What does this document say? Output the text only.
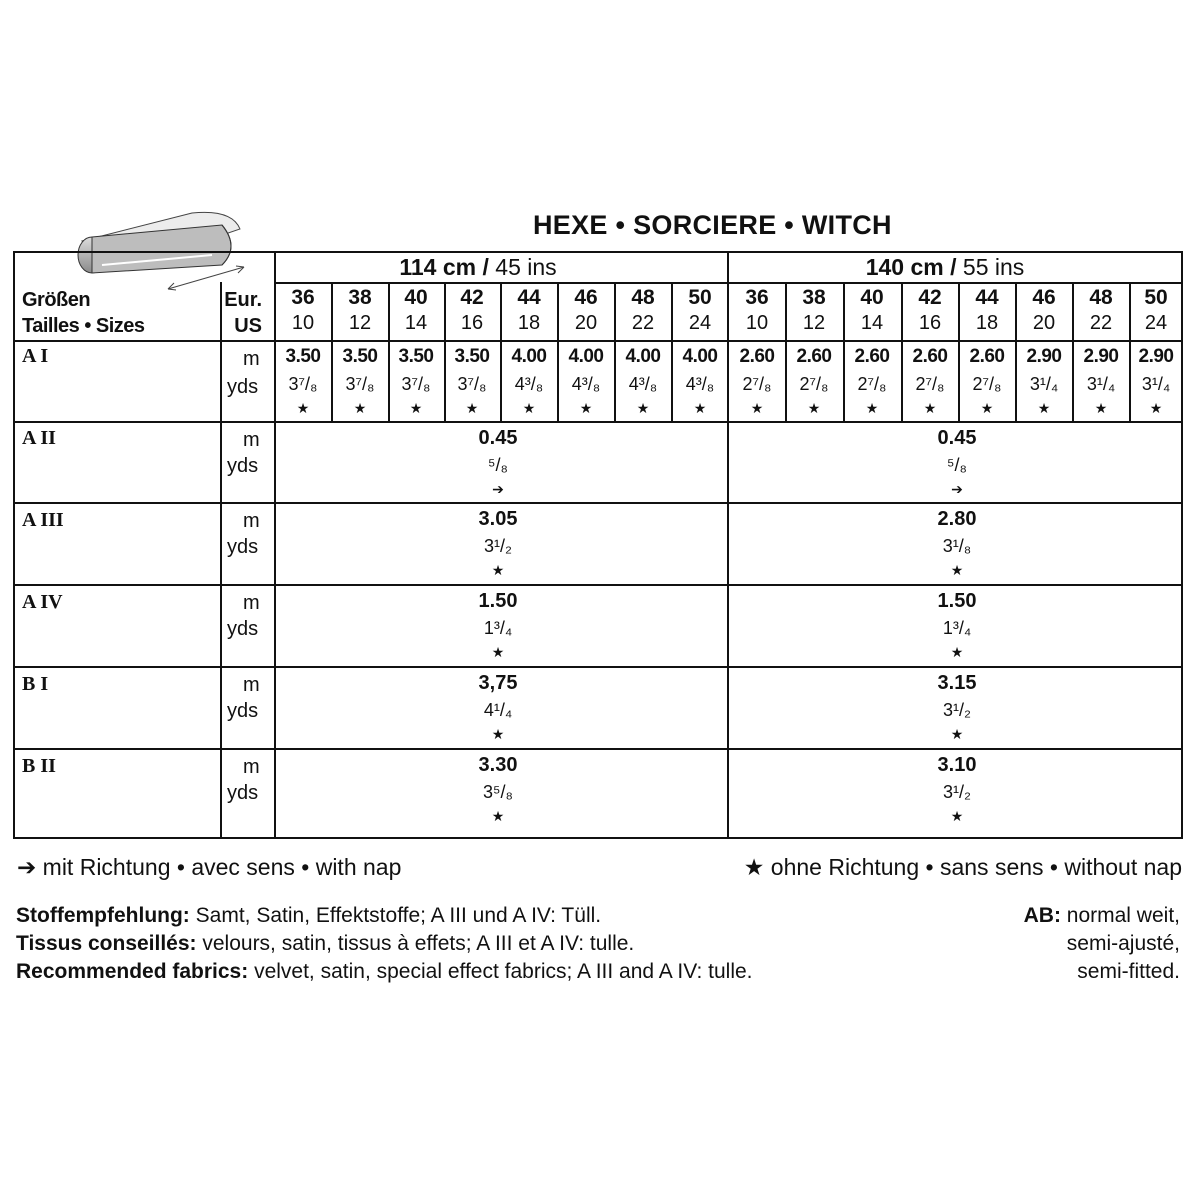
HEXE • SORCIERE • WITCH
114 cm / 45 ins	140 cm / 55 ins
Größen
Tailles • Sizes
Eur.
US
m
yds
A I
A II
A III
A IV
B I
B II
➔ mit Richtung • avec sens • with nap	★ ohne Richtung • sans sens • without nap
Stoffempfehlung: Samt, Satin, Effektstoffe; A III und A IV: Tüll.
Tissus conseillés: velours, satin, tissus à effets; A III et A IV: tulle.
Recommended fabrics: velvet, satin, special effect fabrics; A III and A IV: tulle.
AB: normal weit,
semi-ajusté,
semi-fitted.
36
10
3.50
3⁷/₈
★
38
12
3.50
3⁷/₈
★
40
14
3.50
3⁷/₈
★
42
16
3.50
3⁷/₈
★
44
18
4.00
4³/₈
★
46
20
4.00
4³/₈
★
48
22
4.00
4³/₈
★
50
24
4.00
4³/₈
★
36
10
2.60
2⁷/₈
★
38
12
2.60
2⁷/₈
★
40
14
2.60
2⁷/₈
★
42
16
2.60
2⁷/₈
★
44
18
2.60
2⁷/₈
★
46
20
2.90
3¹/₄
★
48
22
2.90
3¹/₄
★
50
24
2.90
3¹/₄
★
m
yds
0.45
⁵/₈
➔
0.45
⁵/₈
➔
m
yds
3.05
3¹/₂
★
2.80
3¹/₈
★
m
yds
1.50
1³/₄
★
1.50
1³/₄
★
m
yds
3,75
4¹/₄
★
3.15
3¹/₂
★
m
yds
3.30
3⁵/₈
★
3.10
3¹/₂
★
